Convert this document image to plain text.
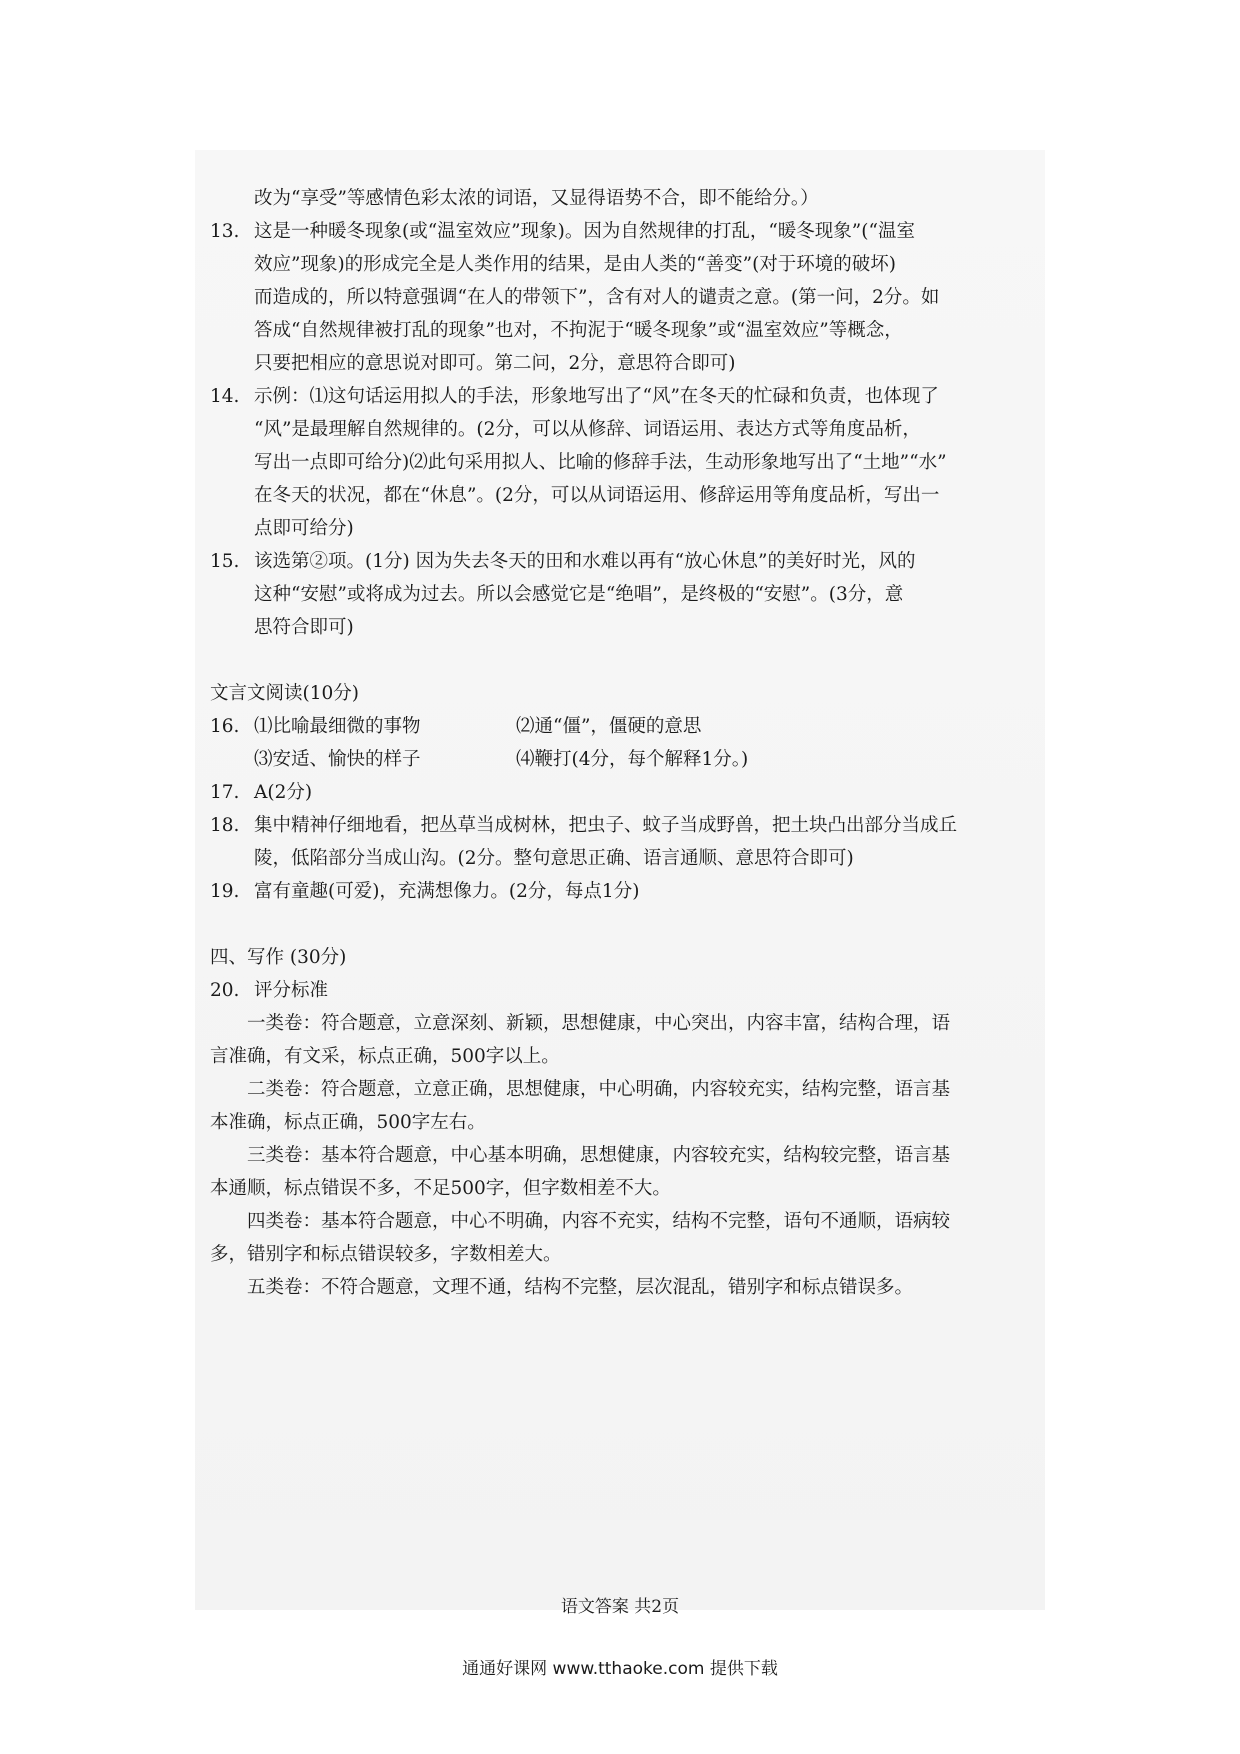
改为“享受”等感情色彩太浓的词语，又显得语势不合，即不能给分。）
13. 这是一种暖冬现象(或“温室效应”现象)。因为自然规律的打乱，“暖冬现象”(“温室
效应”现象)的形成完全是人类作用的结果，是由人类的“善变”(对于环境的破坏)
而造成的，所以特意强调“在人的带领下”，含有对人的谴责之意。(第一问，2分。如
答成“自然规律被打乱的现象”也对，不拘泥于“暖冬现象”或“温室效应”等概念，
只要把相应的意思说对即可。第二问，2分，意思符合即可)
14. 示例：⑴这句话运用拟人的手法，形象地写出了“风”在冬天的忙碌和负责，也体现了
“风”是最理解自然规律的。(2分，可以从修辞、词语运用、表达方式等角度品析，
写出一点即可给分)⑵此句采用拟人、比喻的修辞手法，生动形象地写出了“土地”“水”
在冬天的状况，都在“休息”。(2分，可以从词语运用、修辞运用等角度品析，写出一
点即可给分)
15. 该选第②项。(1分) 因为失去冬天的田和水难以再有“放心休息”的美好时光，风的
这种“安慰”或将成为过去。所以会感觉它是“绝唱”，是终极的“安慰”。(3分，意
思符合即可)
文言文阅读(10分)
16. ⑴比喻最细微的事物	⑵通“僵”，僵硬的意思
⑶安适、愉快的样子	⑷鞭打(4分，每个解释1分。)
17. A(2分)
18. 集中精神仔细地看，把丛草当成树林，把虫子、蚊子当成野兽，把土块凸出部分当成丘
陵，低陷部分当成山沟。(2分。整句意思正确、语言通顺、意思符合即可)
19. 富有童趣(可爱)，充满想像力。(2分，每点1分)
四、写作 (30分)
20. 评分标准
一类卷：符合题意，立意深刻、新颖，思想健康，中心突出，内容丰富，结构合理，语
言准确，有文采，标点正确，500字以上。
二类卷：符合题意，立意正确，思想健康，中心明确，内容较充实，结构完整，语言基
本准确，标点正确，500字左右。
三类卷：基本符合题意，中心基本明确，思想健康，内容较充实，结构较完整，语言基
本通顺，标点错误不多，不足500字，但字数相差不大。
四类卷：基本符合题意，中心不明确，内容不充实，结构不完整，语句不通顺，语病较
多，错别字和标点错误较多，字数相差大。
五类卷：不符合题意，文理不通，结构不完整，层次混乱，错别字和标点错误多。
语文答案 共2页
通通好课网 www.tthaoke.com 提供下载
